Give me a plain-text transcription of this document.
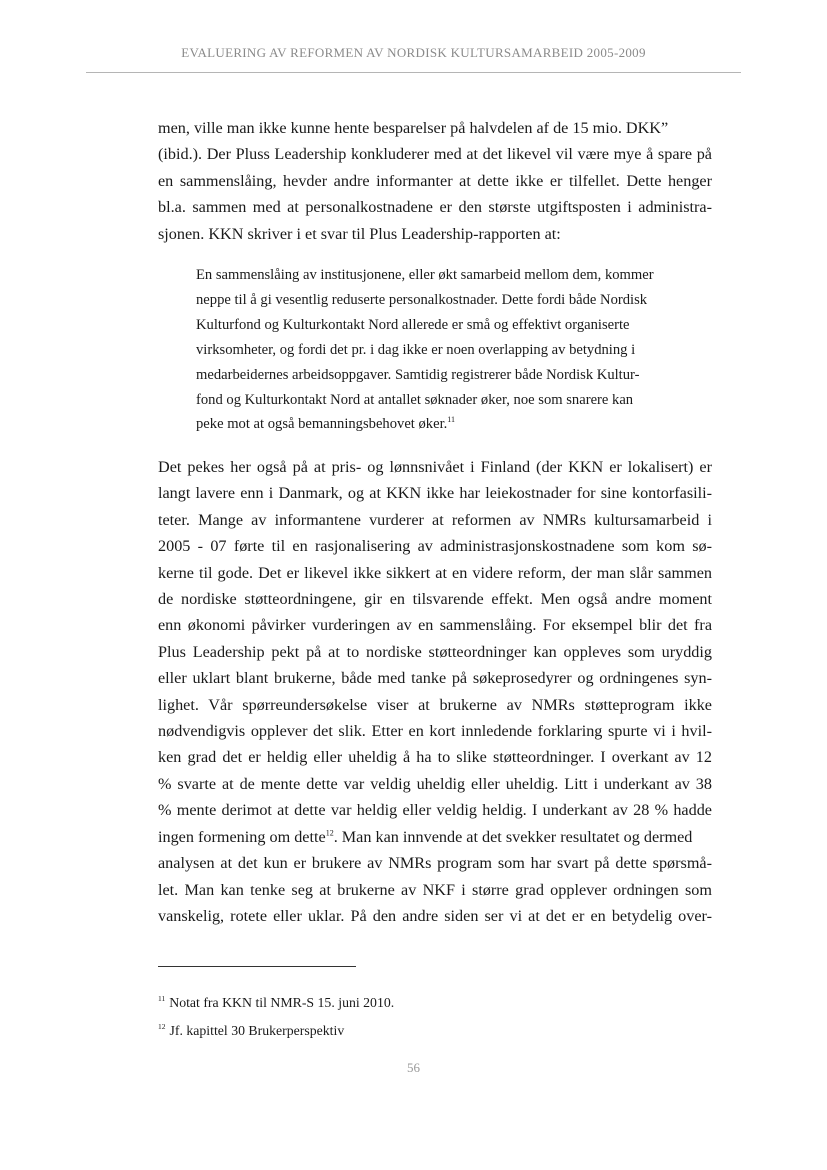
EVALUERING AV REFORMEN AV NORDISK KULTURSAMARBEID 2005-2009
men, ville man ikke kunne hente besparelser på halvdelen af de 15 mio. DKK”
(ibid.). Der Pluss Leadership konkluderer med at det likevel vil være mye å spare på
en sammenslåing, hevder andre informanter at dette ikke er tilfellet. Dette henger
bl.a. sammen med at personalkostnadene er den største utgiftsposten i administra-
sjonen. KKN skriver i et svar til Plus Leadership-rapporten at:
En sammenslåing av institusjonene, eller økt samarbeid mellom dem, kommer
neppe til å gi vesentlig reduserte personalkostnader. Dette fordi både Nordisk
Kulturfond og Kulturkontakt Nord allerede er små og effektivt organiserte
virksomheter, og fordi det pr. i dag ikke er noen overlapping av betydning i
medarbeidernes arbeidsoppgaver. Samtidig registrerer både Nordisk Kultur-
fond og Kulturkontakt Nord at antallet søknader øker, noe som snarere kan
peke mot at også bemanningsbehovet øker.$^{11}$
Det pekes her også på at pris- og lønnsnivået i Finland (der KKN er lokalisert) er
langt lavere enn i Danmark, og at KKN ikke har leiekostnader for sine kontorfasili-
teter. Mange av informantene vurderer at reformen av NMRs kultursamarbeid i
2005 - 07 førte til en rasjonalisering av administrasjonskostnadene som kom sø-
kerne til gode. Det er likevel ikke sikkert at en videre reform, der man slår sammen
de nordiske støtteordningene, gir en tilsvarende effekt. Men også andre moment
enn økonomi påvirker vurderingen av en sammenslåing. For eksempel blir det fra
Plus Leadership pekt på at to nordiske støtteordninger kan oppleves som uryddig
eller uklart blant brukerne, både med tanke på søkeprosedyrer og ordningenes syn-
lighet. Vår spørreundersøkelse viser at brukerne av NMRs støtteprogram ikke
nødvendigvis opplever det slik. Etter en kort innledende forklaring spurte vi i hvil-
ken grad det er heldig eller uheldig å ha to slike støtteordninger. I overkant av 12
% svarte at de mente dette var veldig uheldig eller uheldig. Litt i underkant av 38
% mente derimot at dette var heldig eller veldig heldig. I underkant av 28 % hadde
ingen formening om dette$^{12}$. Man kan innvende at det svekker resultatet og dermed
analysen at det kun er brukere av NMRs program som har svart på dette spørsmå-
let. Man kan tenke seg at brukerne av NKF i større grad opplever ordningen som
vanskelig, rotete eller uklar. På den andre siden ser vi at det er en betydelig over-
$^{11}$ Notat fra KKN til NMR-S 15. juni 2010.
$^{12}$ Jf. kapittel 30 Brukerperspektiv
56
